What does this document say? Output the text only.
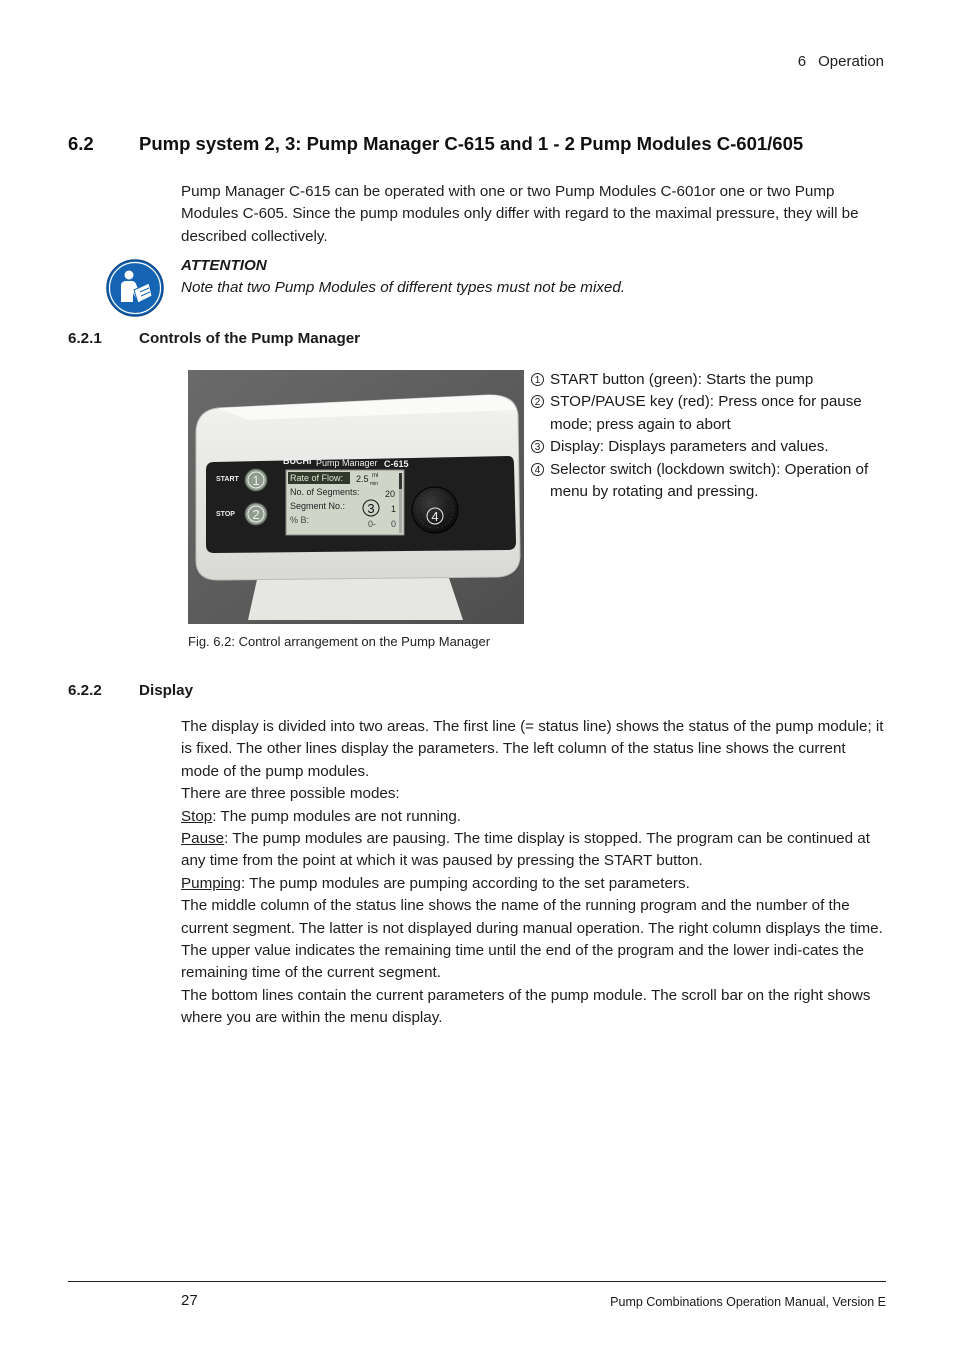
6 Operation
6.2 Pump system 2, 3: Pump Manager C-615 and 1 - 2 Pump Modules C-601/605

Pump Manager C-615 can be operated with one or two Pump Modules C-601or one or two Pump Modules C-605. Since the pump modules only differ with regard to the maximal pressure, they will be described collectively.

ATTENTION
Note that two Pump Modules of different types must not be mixed.
6.2.1 Controls of the Pump Manager
BÜCHI Pump Manager C-615
START
STOP
Rate of Flow: 2.5 ml
min
No. of Segments:	20
Segment No.:	1
% B:	0- 0
1
2	3
4
Fig. 6.2: Control arrangement on the Pump Manager
1 START button (green): Starts the pump
2 STOP/PAUSE key (red): Press once for pause mode; press again to abort
3 Display: Displays parameters and values.
4 Selector switch (lockdown switch): Operation of menu by rotating and pressing.
6.2.2 Display

The display is divided into two areas. The first line (= status line) shows the status of the pump module; it is fixed. The other lines display the parameters. The left column of the status line shows the current mode of the pump modules.

There are three possible modes:

Stop: The pump modules are not running.

Pause: The pump modules are pausing. The time display is stopped. The program can be continued at any time from the point at which it was paused by pressing the START button.

Pumping: The pump modules are pumping according to the set parameters.

The middle column of the status line shows the name of the running program and the number of the current segment. The latter is not displayed during manual operation. The right column displays the time. The upper value indicates the remaining time until the end of the program and the lower indi-cates the remaining time of the current segment.

The bottom lines contain the current parameters of the pump module. The scroll bar on the right shows where you are within the menu display.

27	Pump Combinations Operation Manual, Version E
